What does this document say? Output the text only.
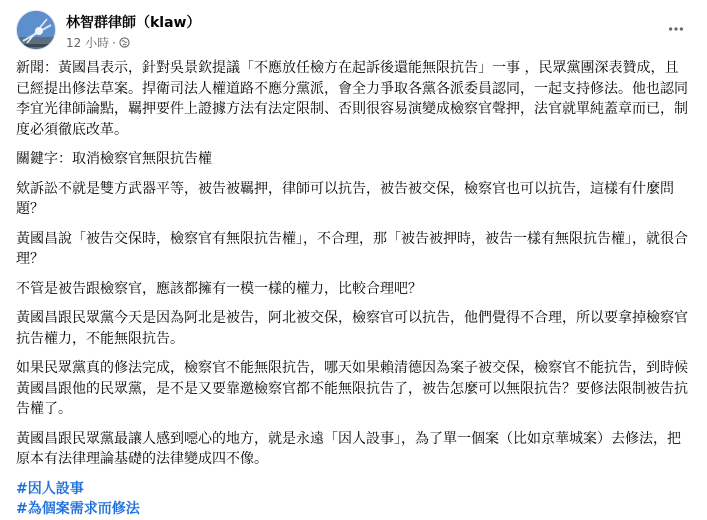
林智群律師（klaw）
12 小時 ·

新聞：黃國昌表示，針對吳景欽提議「不應放任檢方在起訴後還能無限抗告」一事 ，民眾黨團深表贊成，且已經提出修法草案。捍衛司法人權道路不應分黨派，會全力爭取各黨各派委員認同，一起支持修法。他也認同李宜光律師論點，羈押要件上證據方法有法定限制、否則很容易演變成檢察官聲押，法官就單純蓋章而已，制度必須徹底改革。

關鍵字：取消檢察官無限抗告權

欸訴訟不就是雙方武器平等，被告被羈押，律師可以抗告，被告被交保，檢察官也可以抗告，這樣有什麼問題？

黃國昌說「被告交保時，檢察官有無限抗告權」，不合理，那「被告被押時，被告一樣有無限抗告權」，就很合理？

不管是被告跟檢察官，應該都擁有一模一樣的權力，比較合理吧？

黃國昌跟民眾黨今天是因為阿北是被告，阿北被交保，檢察官可以抗告，他們覺得不合理，所以要拿掉檢察官抗告權力，不能無限抗告。

如果民眾黨真的修法完成，檢察官不能無限抗告，哪天如果賴清德因為案子被交保，檢察官不能抗告，到時候黃國昌跟他的民眾黨，是不是又要靠邀檢察官都不能無限抗告了，被告怎麼可以無限抗告？要修法限制被告抗告權了。

黃國昌跟民眾黨最讓人感到噁心的地方，就是永遠「因人設事」，為了單一個案（比如京華城案）去修法，把原本有法律理論基礎的法律變成四不像。

#因人設事
#為個案需求而修法
